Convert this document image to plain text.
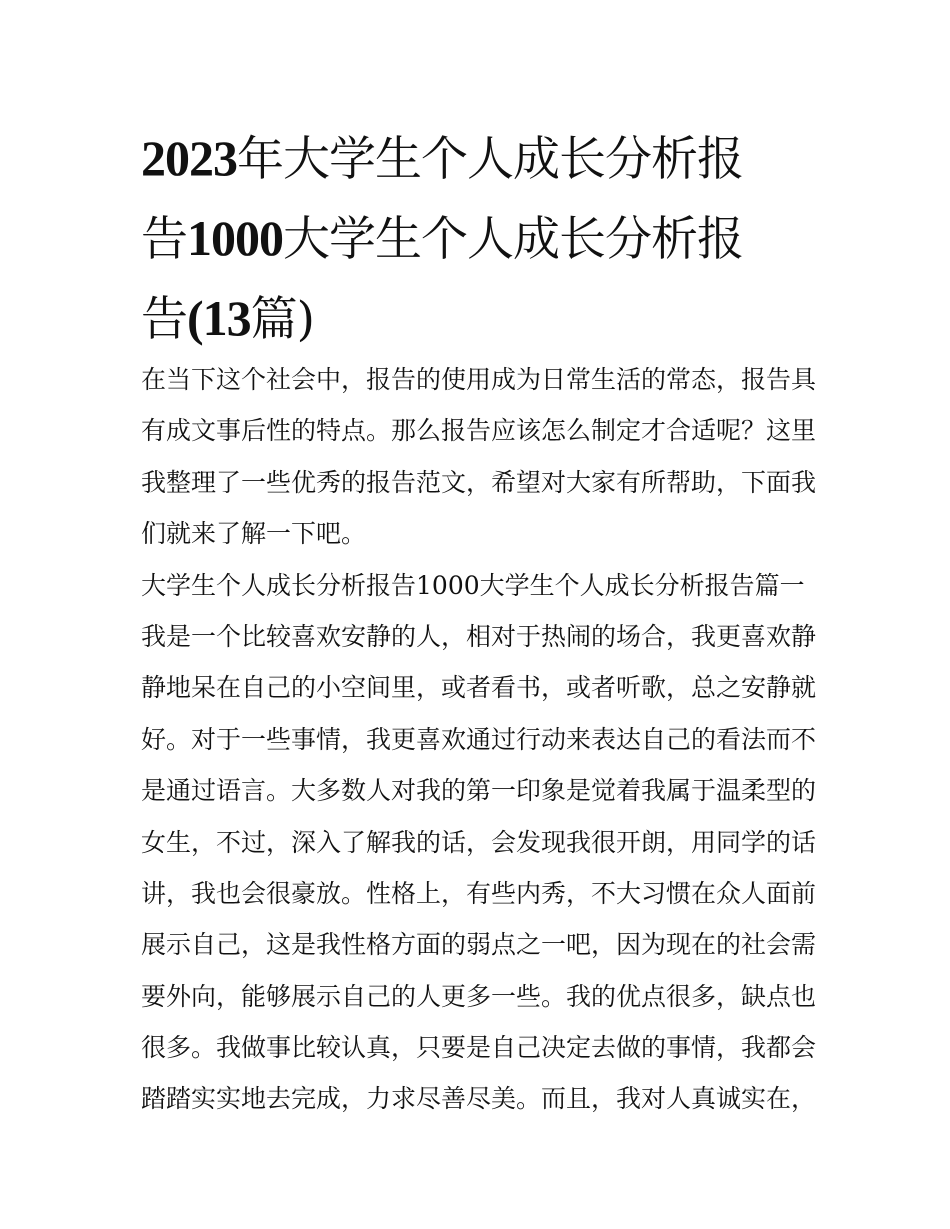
2023年大学生个人成长分析报
告1000大学生个人成长分析报
告(13篇)
在当下这个社会中，报告的使用成为日常生活的常态，报告具
有成文事后性的特点。那么报告应该怎么制定才合适呢？这里
我整理了一些优秀的报告范文，希望对大家有所帮助，下面我
们就来了解一下吧。
大学生个人成长分析报告1000大学生个人成长分析报告篇一
我是一个比较喜欢安静的人，相对于热闹的场合，我更喜欢静
静地呆在自己的小空间里，或者看书，或者听歌，总之安静就
好。对于一些事情，我更喜欢通过行动来表达自己的看法而不
是通过语言。大多数人对我的第一印象是觉着我属于温柔型的
女生，不过，深入了解我的话，会发现我很开朗，用同学的话
讲，我也会很豪放。性格上，有些内秀，不大习惯在众人面前
展示自己，这是我性格方面的弱点之一吧，因为现在的社会需
要外向，能够展示自己的人更多一些。我的优点很多，缺点也
很多。我做事比较认真，只要是自己决定去做的事情，我都会
踏踏实实地去完成，力求尽善尽美。而且，我对人真诚实在，
